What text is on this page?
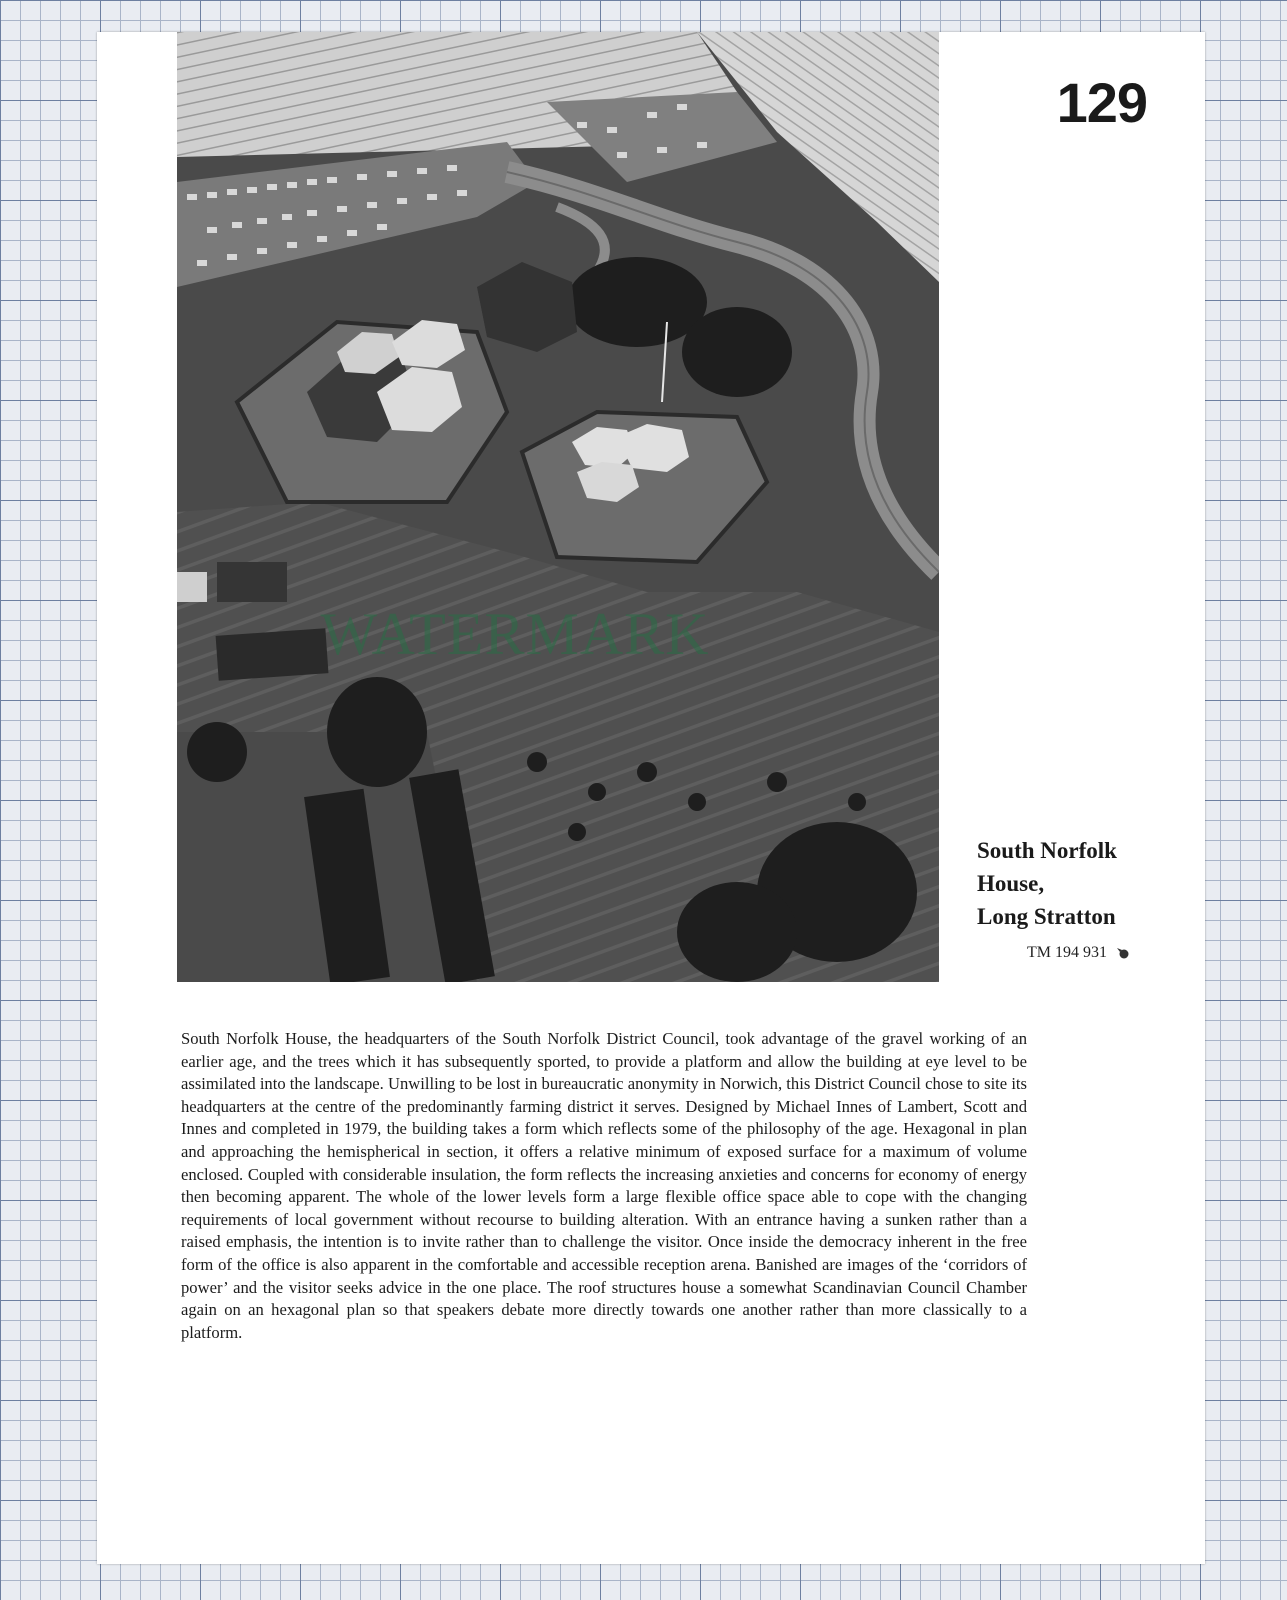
WATERMARK
129
South Norfolk
House,
Long Stratton
TM 194 931

South Norfolk House, the headquarters of the South Norfolk District Council, took advantage of the gravel working of an earlier age, and the trees which it has subsequently sported, to provide a platform and allow the building at eye level to be assimilated into the landscape. Unwilling to be lost in bureaucratic anonymity in Norwich, this District Council chose to site its headquarters at the centre of the predominantly farming district it serves. Designed by Michael Innes of Lambert, Scott and Innes and completed in 1979, the building takes a form which reflects some of the philosophy of the age. Hexagonal in plan and approaching the hemispherical in section, it offers a relative minimum of exposed surface for a maximum of volume enclosed. Coupled with considerable insulation, the form reflects the increasing anxieties and concerns for economy of energy then becoming apparent. The whole of the lower levels form a large flexible office space able to cope with the changing requirements of local government without recourse to building alteration. With an entrance having a sunken rather than a raised emphasis, the intention is to invite rather than to challenge the visitor. Once inside the democracy inherent in the free form of the office is also apparent in the comfortable and accessible reception arena. Banished are images of the ‘corridors of power’ and the visitor seeks advice in the one place. The roof structures house a somewhat Scandinavian Council Chamber again on an hexagonal plan so that speakers debate more directly towards one another rather than more classically to a platform.
